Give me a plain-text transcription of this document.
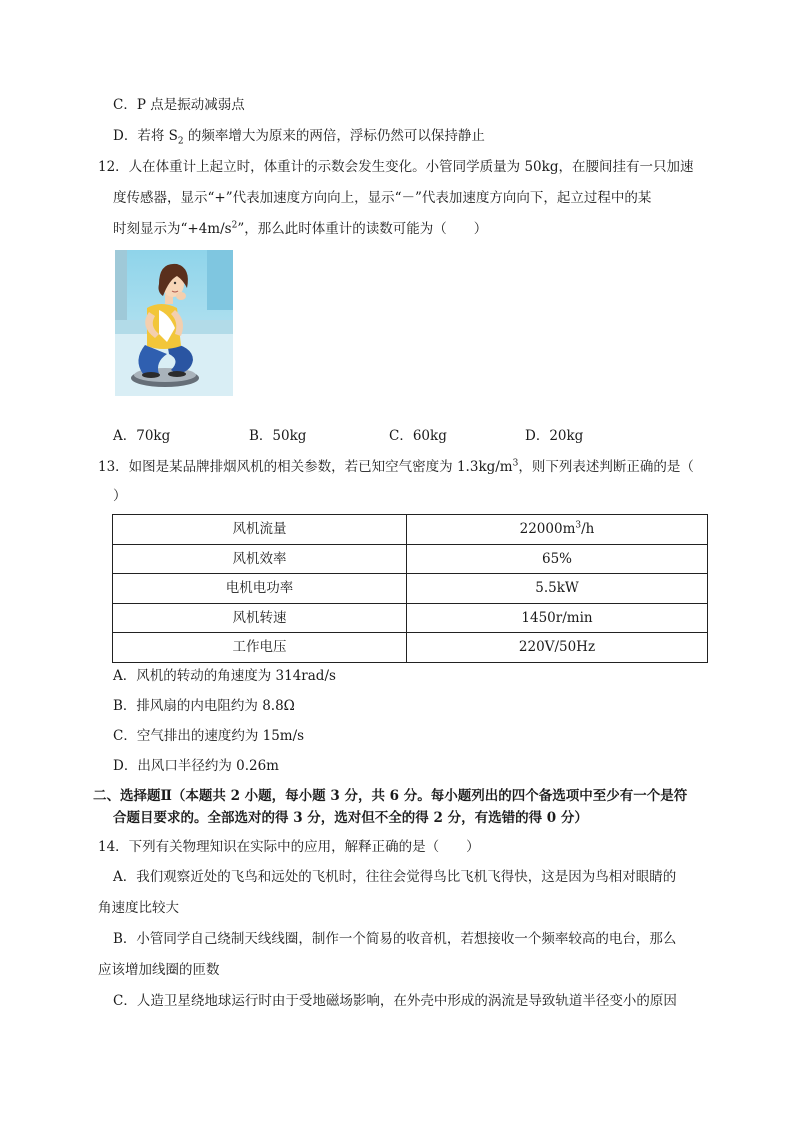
C．P 点是振动减弱点
D．若将 $S_2$ 的频率增大为原来的两倍，浮标仍然可以保持静止
12．人在体重计上起立时，体重计的示数会发生变化。小管同学质量为 50kg，在腰间挂有一只加速
度传感器，显示“+”代表加速度方向向上，显示“－”代表加速度方向向下，起立过程中的某
时刻显示为“$+4m/s^2$”，那么此时体重计的读数可能为（　　）
A．70kg	B．50kg	C．60kg	D．20kg
13．如图是某品牌排烟风机的相关参数，若已知空气密度为 $1.3kg/m^3$，则下列表述判断正确的是（
）
风机流量	$22000m^3/h$
风机效率	65%
电机电功率	5.5kW
风机转速	1450r/min
工作电压	220V/50Hz
A．风机的转动的角速度为 314rad/s
B．排风扇的内电阻约为 8.8Ω
C．空气排出的速度约为 15m/s
D．出风口半径约为 0.26m
二、选择题Ⅱ（本题共 2 小题，每小题 3 分，共 6 分。每小题列出的四个备选项中至少有一个是符
合题目要求的。全部选对的得 3 分，选对但不全的得 2 分，有选错的得 0 分）
14．下列有关物理知识在实际中的应用，解释正确的是（　　）
A．我们观察近处的飞鸟和远处的飞机时，往往会觉得鸟比飞机飞得快，这是因为鸟相对眼睛的
角速度比较大
B．小管同学自己绕制天线线圈，制作一个简易的收音机，若想接收一个频率较高的电台，那么
应该增加线圈的匝数
C．人造卫星绕地球运行时由于受地磁场影响，在外壳中形成的涡流是导致轨道半径变小的原因
